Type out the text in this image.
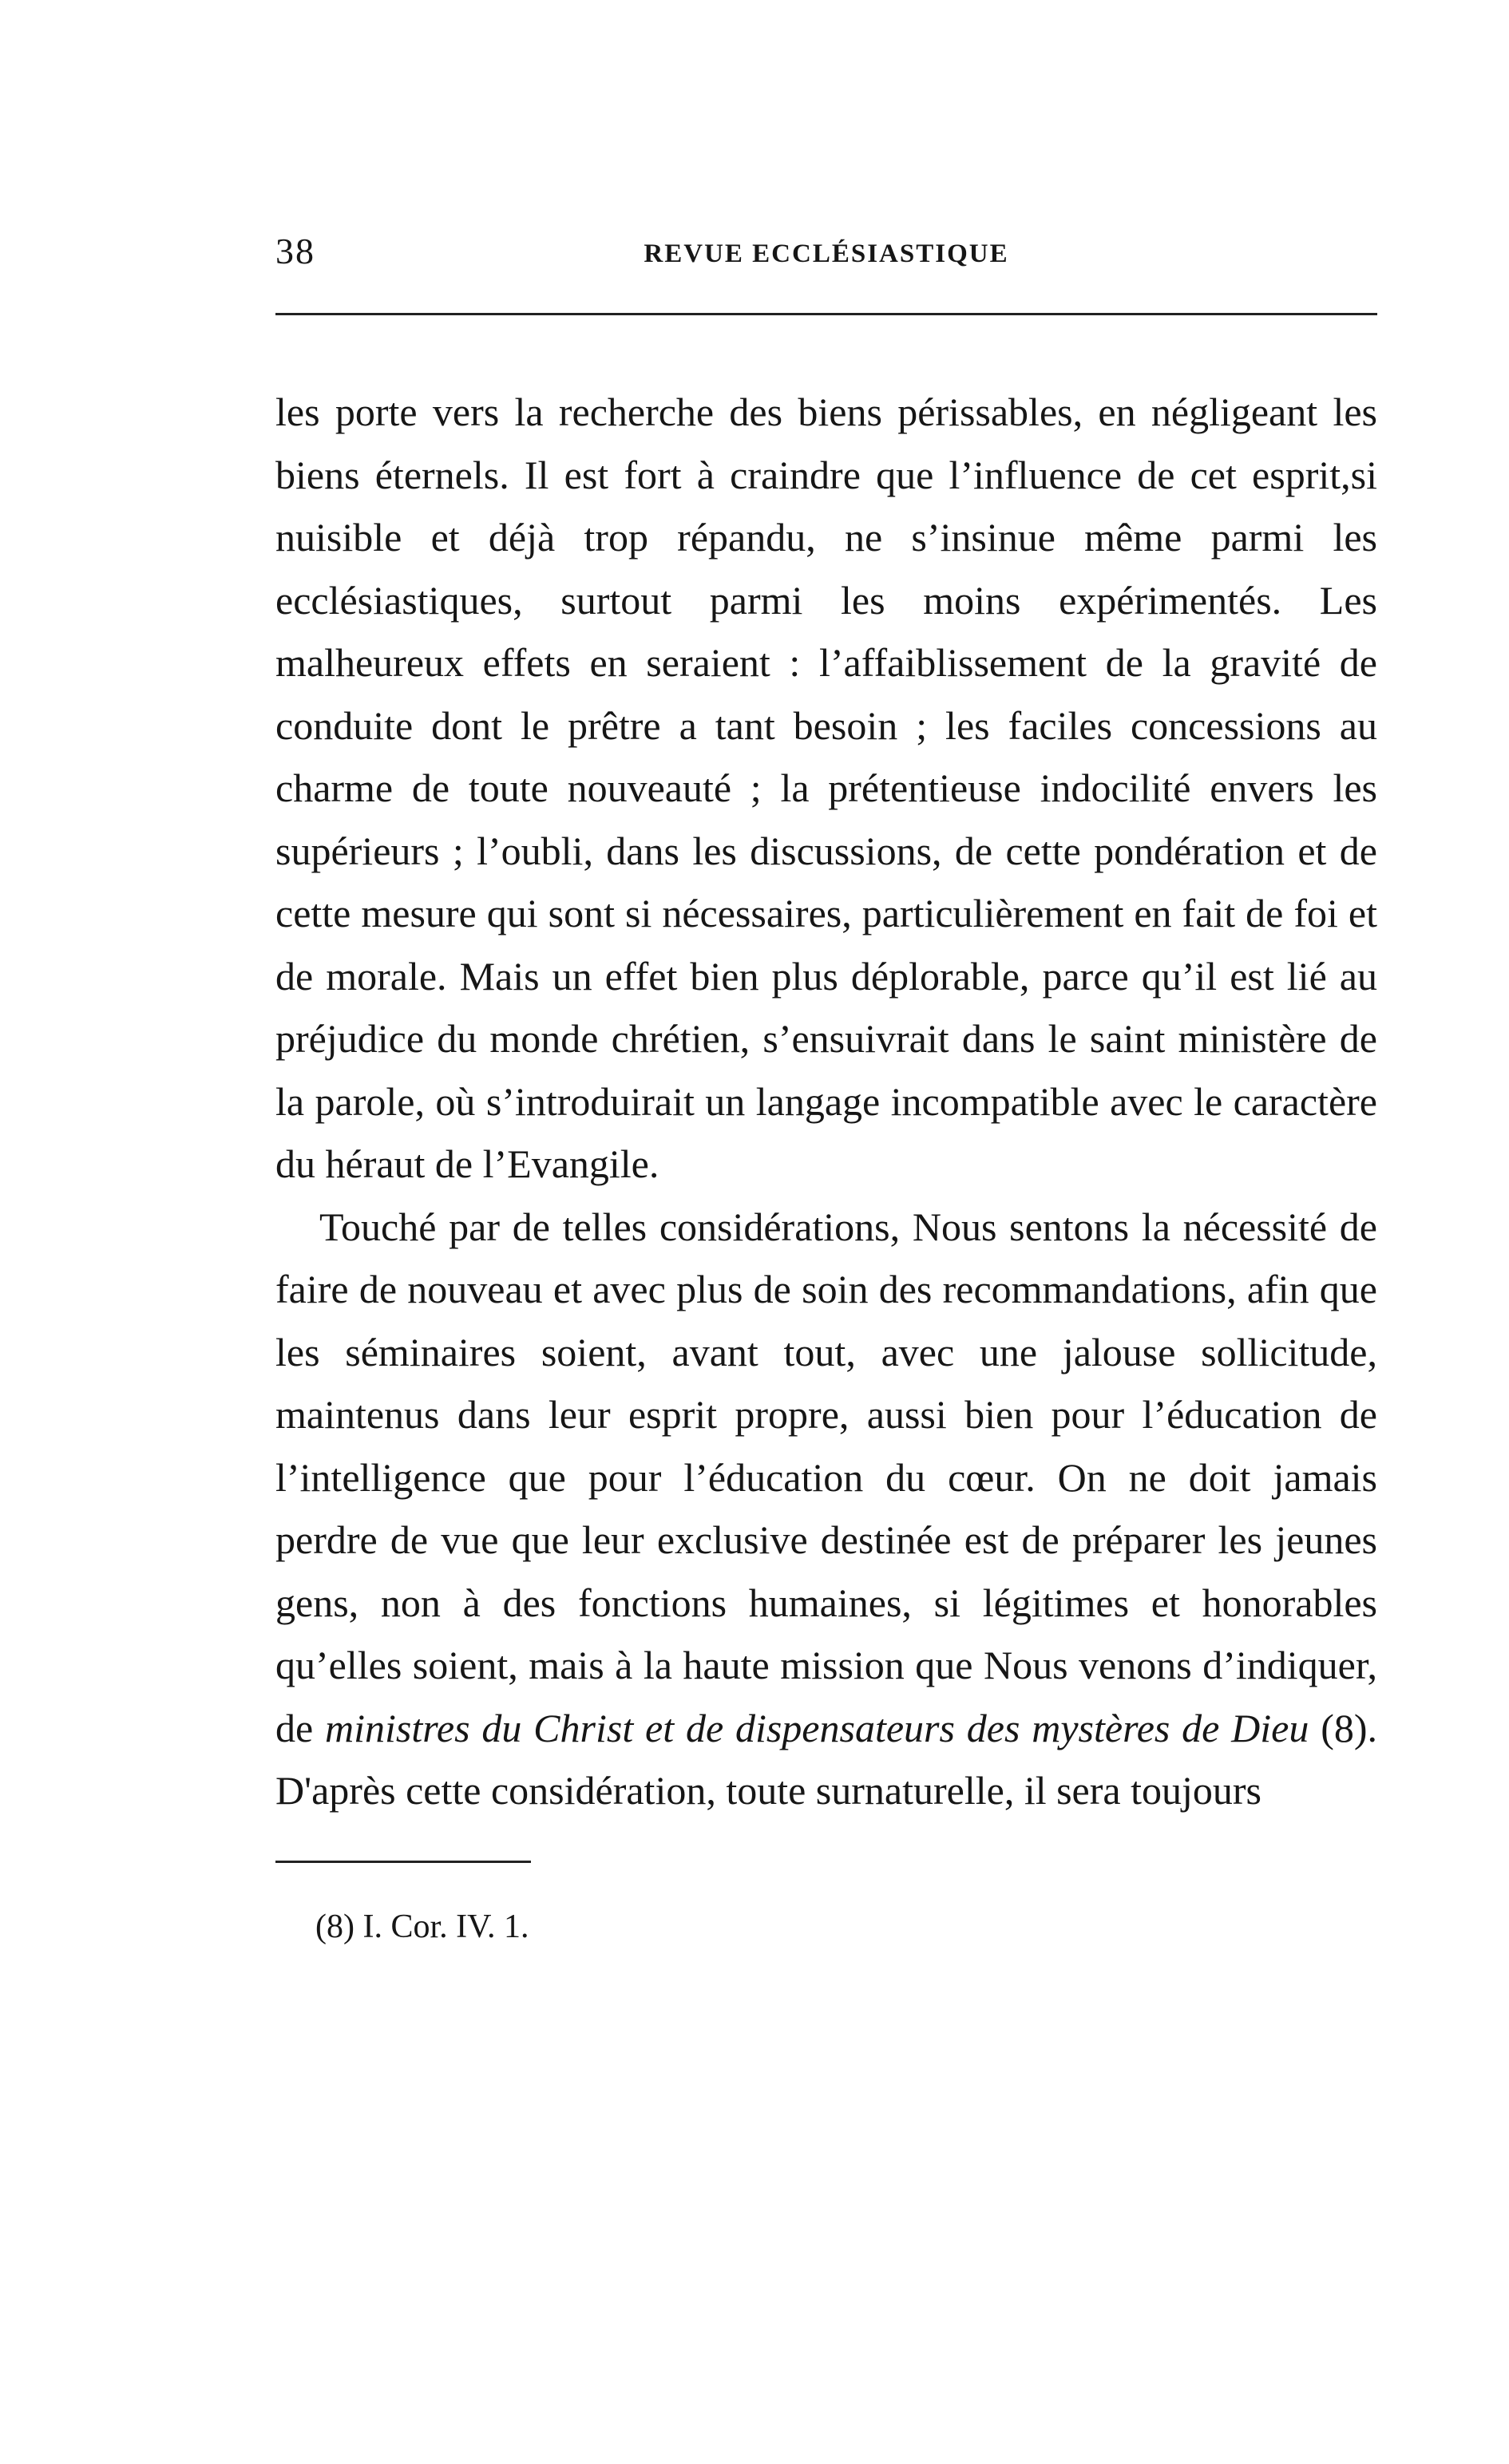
38	REVUE ECCLÉSIASTIQUE

les porte vers la recherche des biens périssables, en négligeant les biens éternels. Il est fort à craindre que l’influence de cet esprit,si nuisible et déjà trop répandu, ne s’insinue même parmi les ecclésiastiques, surtout parmi les moins expérimentés. Les malheureux effets en seraient : l’affaiblissement de la gravité de conduite dont le prêtre a tant besoin ; les faciles concessions au charme de toute nouveauté ; la prétentieuse indocilité envers les supérieurs ; l’oubli, dans les discussions, de cette pondération et de cette mesure qui sont si nécessaires, particulièrement en fait de foi et de morale. Mais un effet bien plus déplorable, parce qu’il est lié au préjudice du monde chrétien, s’ensuivrait dans le saint ministère de la parole, où s’introduirait un langage incompatible avec le caractère du héraut de l’Evangile.

Touché par de telles considérations, Nous sentons la nécessité de faire de nouveau et avec plus de soin des recommandations, afin que les séminaires soient, avant tout, avec une jalouse sollicitude, maintenus dans leur esprit propre, aussi bien pour l’éducation de l’intelligence que pour l’éducation du cœur. On ne doit jamais perdre de vue que leur exclusive destinée est de préparer les jeunes gens, non à des fonctions humaines, si légitimes et honorables qu’elles soient, mais à la haute mission que Nous venons d’indiquer, de ministres du Christ et de dispensateurs des mystères de Dieu (8). D'après cette considération, toute surnaturelle, il sera toujours

(8) I. Cor. IV. 1.
